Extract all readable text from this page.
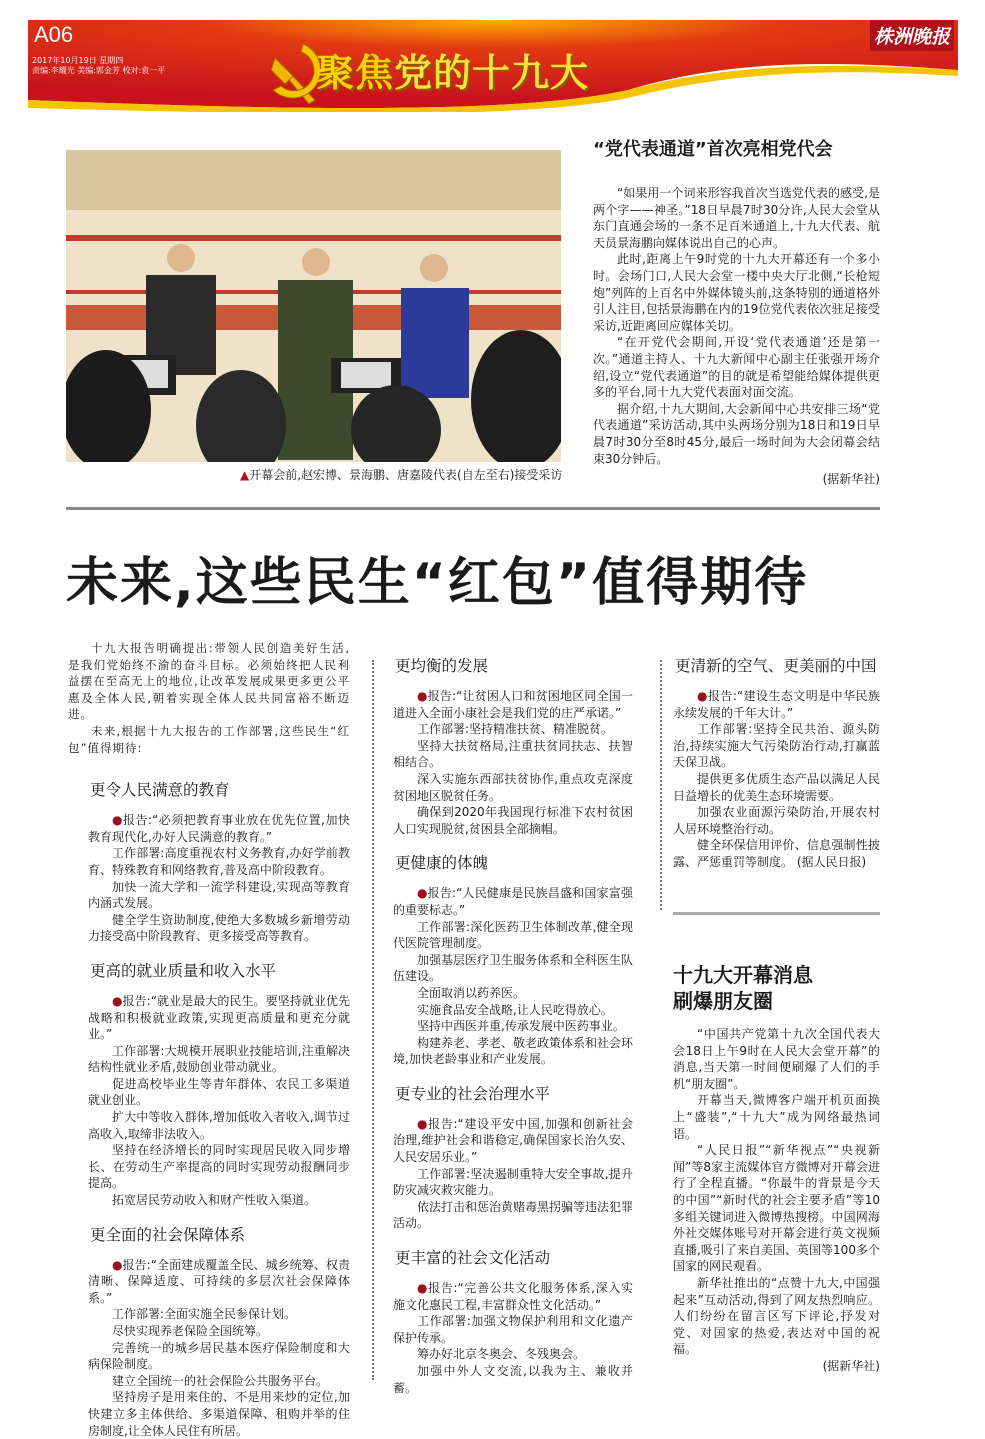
A06
2017年10月19日 星期四
责编:李耀光 美编:郭金芳 校对:袁一平	聚焦党的十九大
株洲晚报
▲开幕会前,赵宏博、景海鹏、唐嘉陵代表(自左至右)接受采访
“党代表通道”首次亮相党代会

“如果用一个词来形容我首次当选党代表的感受,是两个字——神圣。”18日早晨7时30分许,人民大会堂从东门直通会场的一条不足百米通道上,十九大代表、航天员景海鹏向媒体说出自己的心声。

此时,距离上午9时党的十九大开幕还有一个多小时。会场门口,人民大会堂一楼中央大厅北侧,“长枪短炮”列阵的上百名中外媒体镜头前,这条特别的通道格外引人注目,包括景海鹏在内的19位党代表依次驻足接受采访,近距离回应媒体关切。

“在开党代会期间,开设‘党代表通道’还是第一次。”通道主持人、十九大新闻中心副主任张强开场介绍,设立“党代表通道”的目的就是希望能给媒体提供更多的平台,同十九大党代表面对面交流。

据介绍,十九大期间,大会新闻中心共安排三场“党代表通道”采访活动,其中头两场分别为18日和19日早晨7时30分至8时45分,最后一场时间为大会闭幕会结束30分钟后。

(据新华社)
未来,这些民生“红包”值得期待

十九大报告明确提出:带领人民创造美好生活,是我们党始终不渝的奋斗目标。必须始终把人民利益摆在至高无上的地位,让改革发展成果更多更公平惠及全体人民,朝着实现全体人民共同富裕不断迈进。

未来,根据十九大报告的工作部署,这些民生“红包”值得期待:

更令人民满意的教育

●报告:“必须把教育事业放在优先位置,加快教育现代化,办好人民满意的教育。”

工作部署:高度重视农村义务教育,办好学前教育、特殊教育和网络教育,普及高中阶段教育。

加快一流大学和一流学科建设,实现高等教育内涵式发展。

健全学生资助制度,使绝大多数城乡新增劳动力接受高中阶段教育、更多接受高等教育。

更高的就业质量和收入水平

●报告:“就业是最大的民生。要坚持就业优先战略和积极就业政策,实现更高质量和更充分就业。”

工作部署:大规模开展职业技能培训,注重解决结构性就业矛盾,鼓励创业带动就业。

促进高校毕业生等青年群体、农民工多渠道就业创业。

扩大中等收入群体,增加低收入者收入,调节过高收入,取缔非法收入。

坚持在经济增长的同时实现居民收入同步增长、在劳动生产率提高的同时实现劳动报酬同步提高。

拓宽居民劳动收入和财产性收入渠道。

更全面的社会保障体系

●报告:“全面建成覆盖全民、城乡统筹、权责清晰、保障适度、可持续的多层次社会保障体系。”

工作部署:全面实施全民参保计划。

尽快实现养老保险全国统筹。

完善统一的城乡居民基本医疗保险制度和大病保险制度。

建立全国统一的社会保险公共服务平台。

坚持房子是用来住的、不是用来炒的定位,加快建立多主体供给、多渠道保障、租购并举的住房制度,让全体人民住有所居。

更均衡的发展

●报告:“让贫困人口和贫困地区同全国一道进入全面小康社会是我们党的庄严承诺。”

工作部署:坚持精准扶贫、精准脱贫。

坚持大扶贫格局,注重扶贫同扶志、扶智相结合。

深入实施东西部扶贫协作,重点攻克深度贫困地区脱贫任务。

确保到2020年我国现行标准下农村贫困人口实现脱贫,贫困县全部摘帽。

更健康的体魄

●报告:“人民健康是民族昌盛和国家富强的重要标志。”

工作部署:深化医药卫生体制改革,健全现代医院管理制度。

加强基层医疗卫生服务体系和全科医生队伍建设。

全面取消以药养医。

实施食品安全战略,让人民吃得放心。

坚持中西医并重,传承发展中医药事业。

构建养老、孝老、敬老政策体系和社会环境,加快老龄事业和产业发展。

更专业的社会治理水平

●报告:“建设平安中国,加强和创新社会治理,维护社会和谐稳定,确保国家长治久安、人民安居乐业。”

工作部署:坚决遏制重特大安全事故,提升防灾减灾救灾能力。

依法打击和惩治黄赌毒黑拐骗等违法犯罪活动。

更丰富的社会文化活动

●报告:“完善公共文化服务体系,深入实施文化惠民工程,丰富群众性文化活动。”

工作部署:加强文物保护利用和文化遗产保护传承。

筹办好北京冬奥会、冬残奥会。

加强中外人文交流,以我为主、兼收并蓄。

更清新的空气、更美丽的中国

●报告:“建设生态文明是中华民族永续发展的千年大计。”

工作部署:坚持全民共治、源头防治,持续实施大气污染防治行动,打赢蓝天保卫战。

提供更多优质生态产品以满足人民日益增长的优美生态环境需要。

加强农业面源污染防治,开展农村人居环境整治行动。

健全环保信用评价、信息强制性披露、严惩重罚等制度。 (据人民日报)

十九大开幕消息
刷爆朋友圈

“中国共产党第十九次全国代表大会18日上午9时在人民大会堂开幕”的消息,当天第一时间便刷爆了人们的手机“朋友圈”。

开幕当天,微博客户端开机页面换上“盛装”,“十九大”成为网络最热词语。

“人民日报”“新华视点”“央视新闻”等8家主流媒体官方微博对开幕会进行了全程直播。“你最牛的背景是今天的中国”“新时代的社会主要矛盾”等10多组关键词进入微博热搜榜。中国网海外社交媒体账号对开幕会进行英文视频直播,吸引了来自美国、英国等100多个国家的网民观看。

新华社推出的“点赞十九大,中国强起来”互动活动,得到了网友热烈响应。人们纷纷在留言区写下评论,抒发对党、对国家的热爱,表达对中国的祝福。

(据新华社)
